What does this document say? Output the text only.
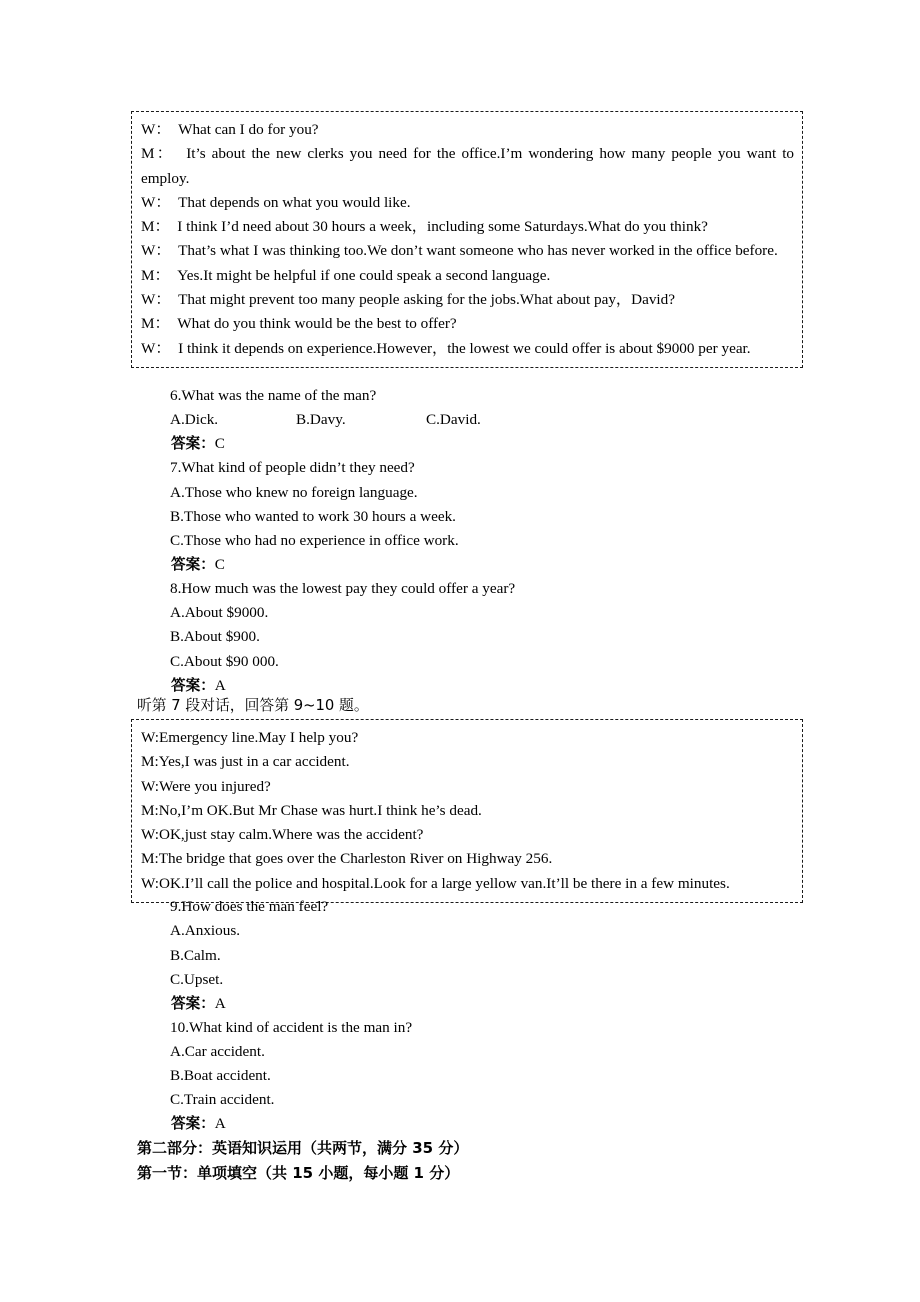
W： What can I do for you?
M： It’s about the new clerks you need for the office.I’m wondering how many people you want to employ.
W： That depends on what you would like.
M： I think I’d need about 30 hours a week，including some Saturdays.What do you think?
W： That’s what I was thinking too.We don’t want someone who has never worked in the office before.
M： Yes.It might be helpful if one could speak a second language.
W： That might prevent too many people asking for the jobs.What about pay，David?
M： What do you think would be the best to offer?
W： I think it depends on experience.However，the lowest we could offer is about $9000 per year.
6.What was the name of the man?
A.Dick.	B.Davy.	C.David.
答案：C
7.What kind of people didn’t they need?
A.Those who knew no foreign language.
B.Those who wanted to work 30 hours a week.
C.Those who had no experience in office work.
答案：C
8.How much was the lowest pay they could offer a year?
A.About $9000.
B.About $900.
C.About $90 000.
答案：A
听第 7 段对话，回答第 9~10 题。
W:Emergency line.May I help you?
M:Yes,I was just in a car accident.
W:Were you injured?
M:No,I’m OK.But Mr Chase was hurt.I think he’s dead.
W:OK,just stay calm.Where was the accident?
M:The bridge that goes over the Charleston River on Highway 256.
W:OK.I’ll call the police and hospital.Look for a large yellow van.It’ll be there in a few minutes.
9.How does the man feel?
A.Anxious.
B.Calm.
C.Upset.
答案：A
10.What kind of accident is the man in?
A.Car accident.
B.Boat accident.
C.Train accident.
答案：A
第二部分：英语知识运用（共两节，满分 35 分）
第一节：单项填空（共 15 小题，每小题 1 分）
